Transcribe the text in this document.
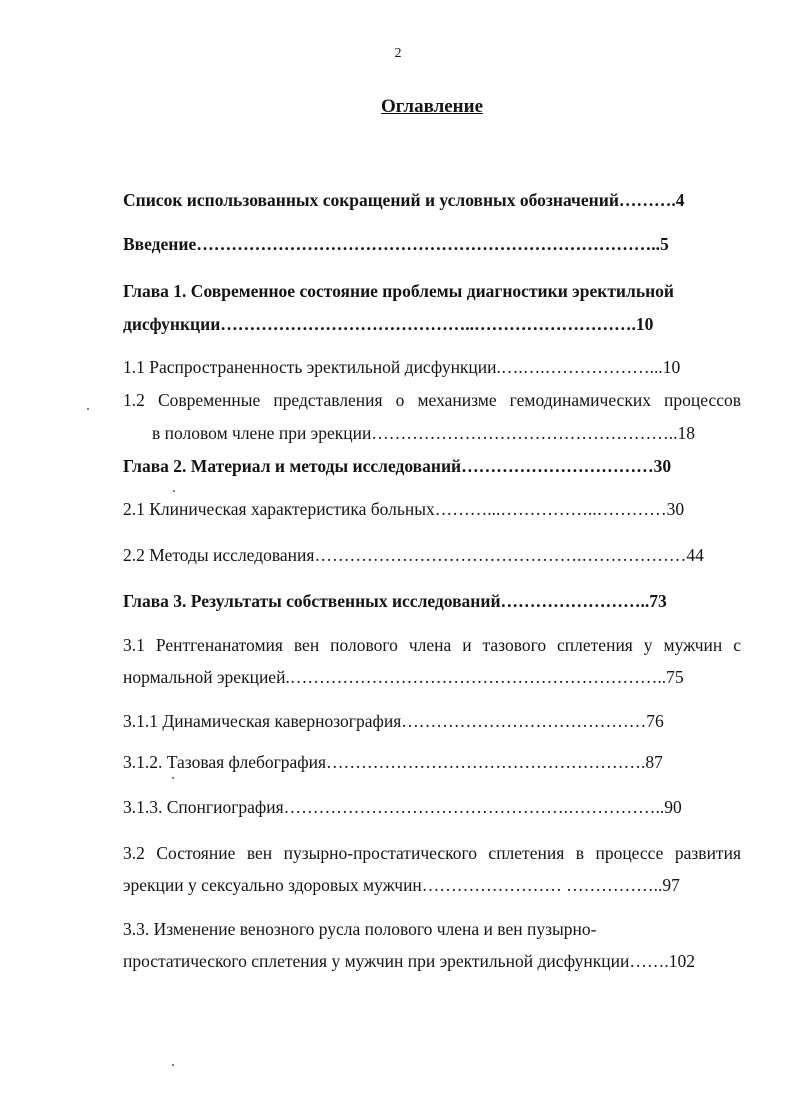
2
Оглавление
Список использованных сокращений и условных обозначений……….4
Введение……………………………………………………………………..5
Глава 1. Современное состояние проблемы диагностики эректильной
дисфункции……………………………………..……………………….10
1.1 Распространенность эректильной дисфункции.….….………………...10
1.2 Современные представления о механизме гемодинамических процессов
в половом члене при эрекции……………………………………………..18
Глава 2. Материал и методы исследований……………………………30
2.1 Клиническая характеристика больных………...……………..…………30
2.2 Методы исследования……………………………………….………………44
Глава 3. Результаты собственных исследований……………………..73
3.1 Рентгенанатомия вен полового члена и тазового сплетения у мужчин с
нормальной эрекцией.………………………………………………………..75
3.1.1 Динамическая кавернозография……………………………………76
3.1.2. Тазовая флебография……………………………………………….87
3.1.3. Спонгиография………………………………………….……………..90
3.2 Состояние вен пузырно-простатического сплетения в процессе развития
эрекции у сексуально здоровых мужчин…………………… ……………..97
3.3. Изменение венозного русла полового члена и вен пузырно-
простатического сплетения у мужчин при эректильной дисфункции…….102
